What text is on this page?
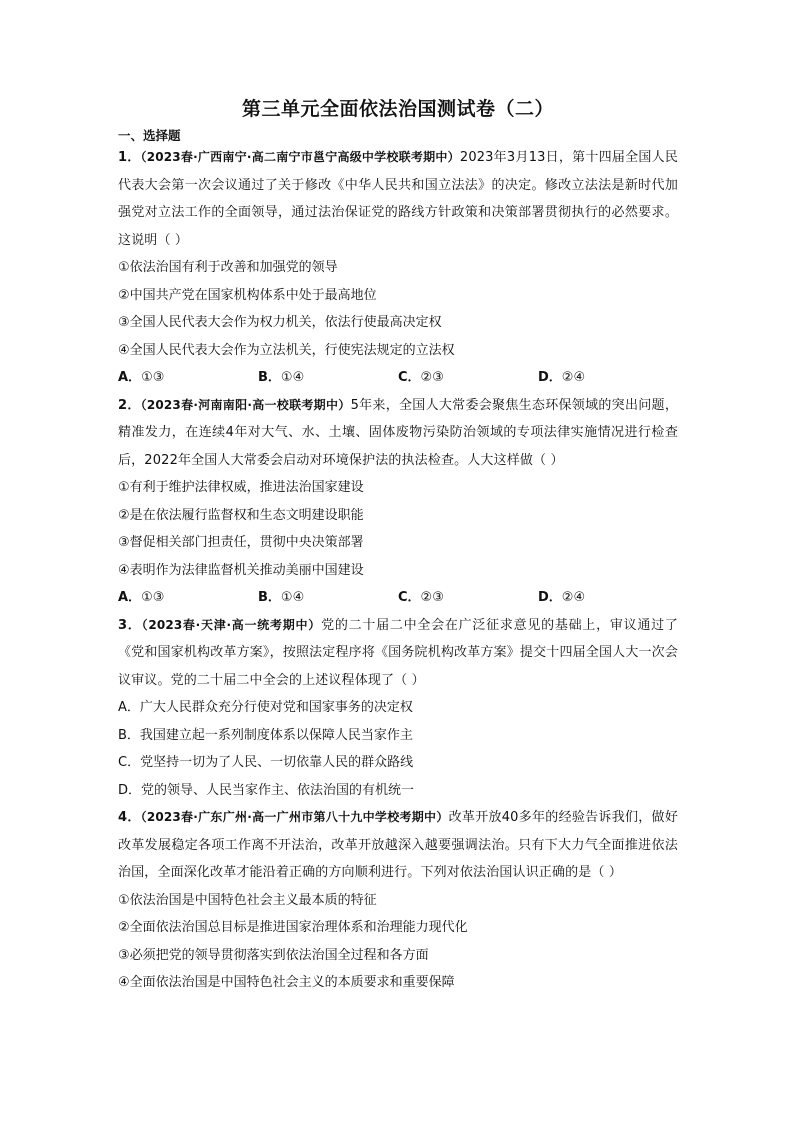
第三单元全面依法治国测试卷（二）

一、选择题

1．（2023春·广西南宁·高二南宁市邕宁高级中学校联考期中）2023年3月13日，第十四届全国人民代表大会第一次会议通过了关于修改《中华人民共和国立法法》的决定。修改立法法是新时代加强党对立法工作的全面领导，通过法治保证党的路线方针政策和决策部署贯彻执行的必然要求。这说明（ ）

①依法治国有利于改善和加强党的领导

②中国共产党在国家机构体系中处于最高地位

③全国人民代表大会作为权力机关，依法行使最高决定权

④全国人民代表大会作为立法机关，行使宪法规定的立法权

A．①③	B．①④	C．②③	D．②④

2．（2023春·河南南阳·高一校联考期中）5年来，全国人大常委会聚焦生态环保领域的突出问题，精准发力，在连续4年对大气、水、土壤、固体废物污染防治领域的专项法律实施情况进行检查后，2022年全国人大常委会启动对环境保护法的执法检查。人大这样做（ ）

①有利于维护法律权威，推进法治国家建设

②是在依法履行监督权和生态文明建设职能

③督促相关部门担责任，贯彻中央决策部署

④表明作为法律监督机关推动美丽中国建设

A．①③	B．①④	C．②③	D．②④

3．（2023春·天津·高一统考期中）党的二十届二中全会在广泛征求意见的基础上，审议通过了《党和国家机构改革方案》，按照法定程序将《国务院机构改革方案》提交十四届全国人大一次会议审议。党的二十届二中全会的上述议程体现了（ ）

A．广大人民群众充分行使对党和国家事务的决定权

B．我国建立起一系列制度体系以保障人民当家作主

C．党坚持一切为了人民、一切依靠人民的群众路线

D．党的领导、人民当家作主、依法治国的有机统一

4．（2023春·广东广州·高一广州市第八十九中学校考期中）改革开放40多年的经验告诉我们，做好改革发展稳定各项工作离不开法治，改革开放越深入越要强调法治。只有下大力气全面推进依法治国，全面深化改革才能沿着正确的方向顺利进行。下列对依法治国认识正确的是（ ）

①依法治国是中国特色社会主义最本质的特征

②全面依法治国总目标是推进国家治理体系和治理能力现代化

③必须把党的领导贯彻落实到依法治国全过程和各方面

④全面依法治国是中国特色社会主义的本质要求和重要保障
